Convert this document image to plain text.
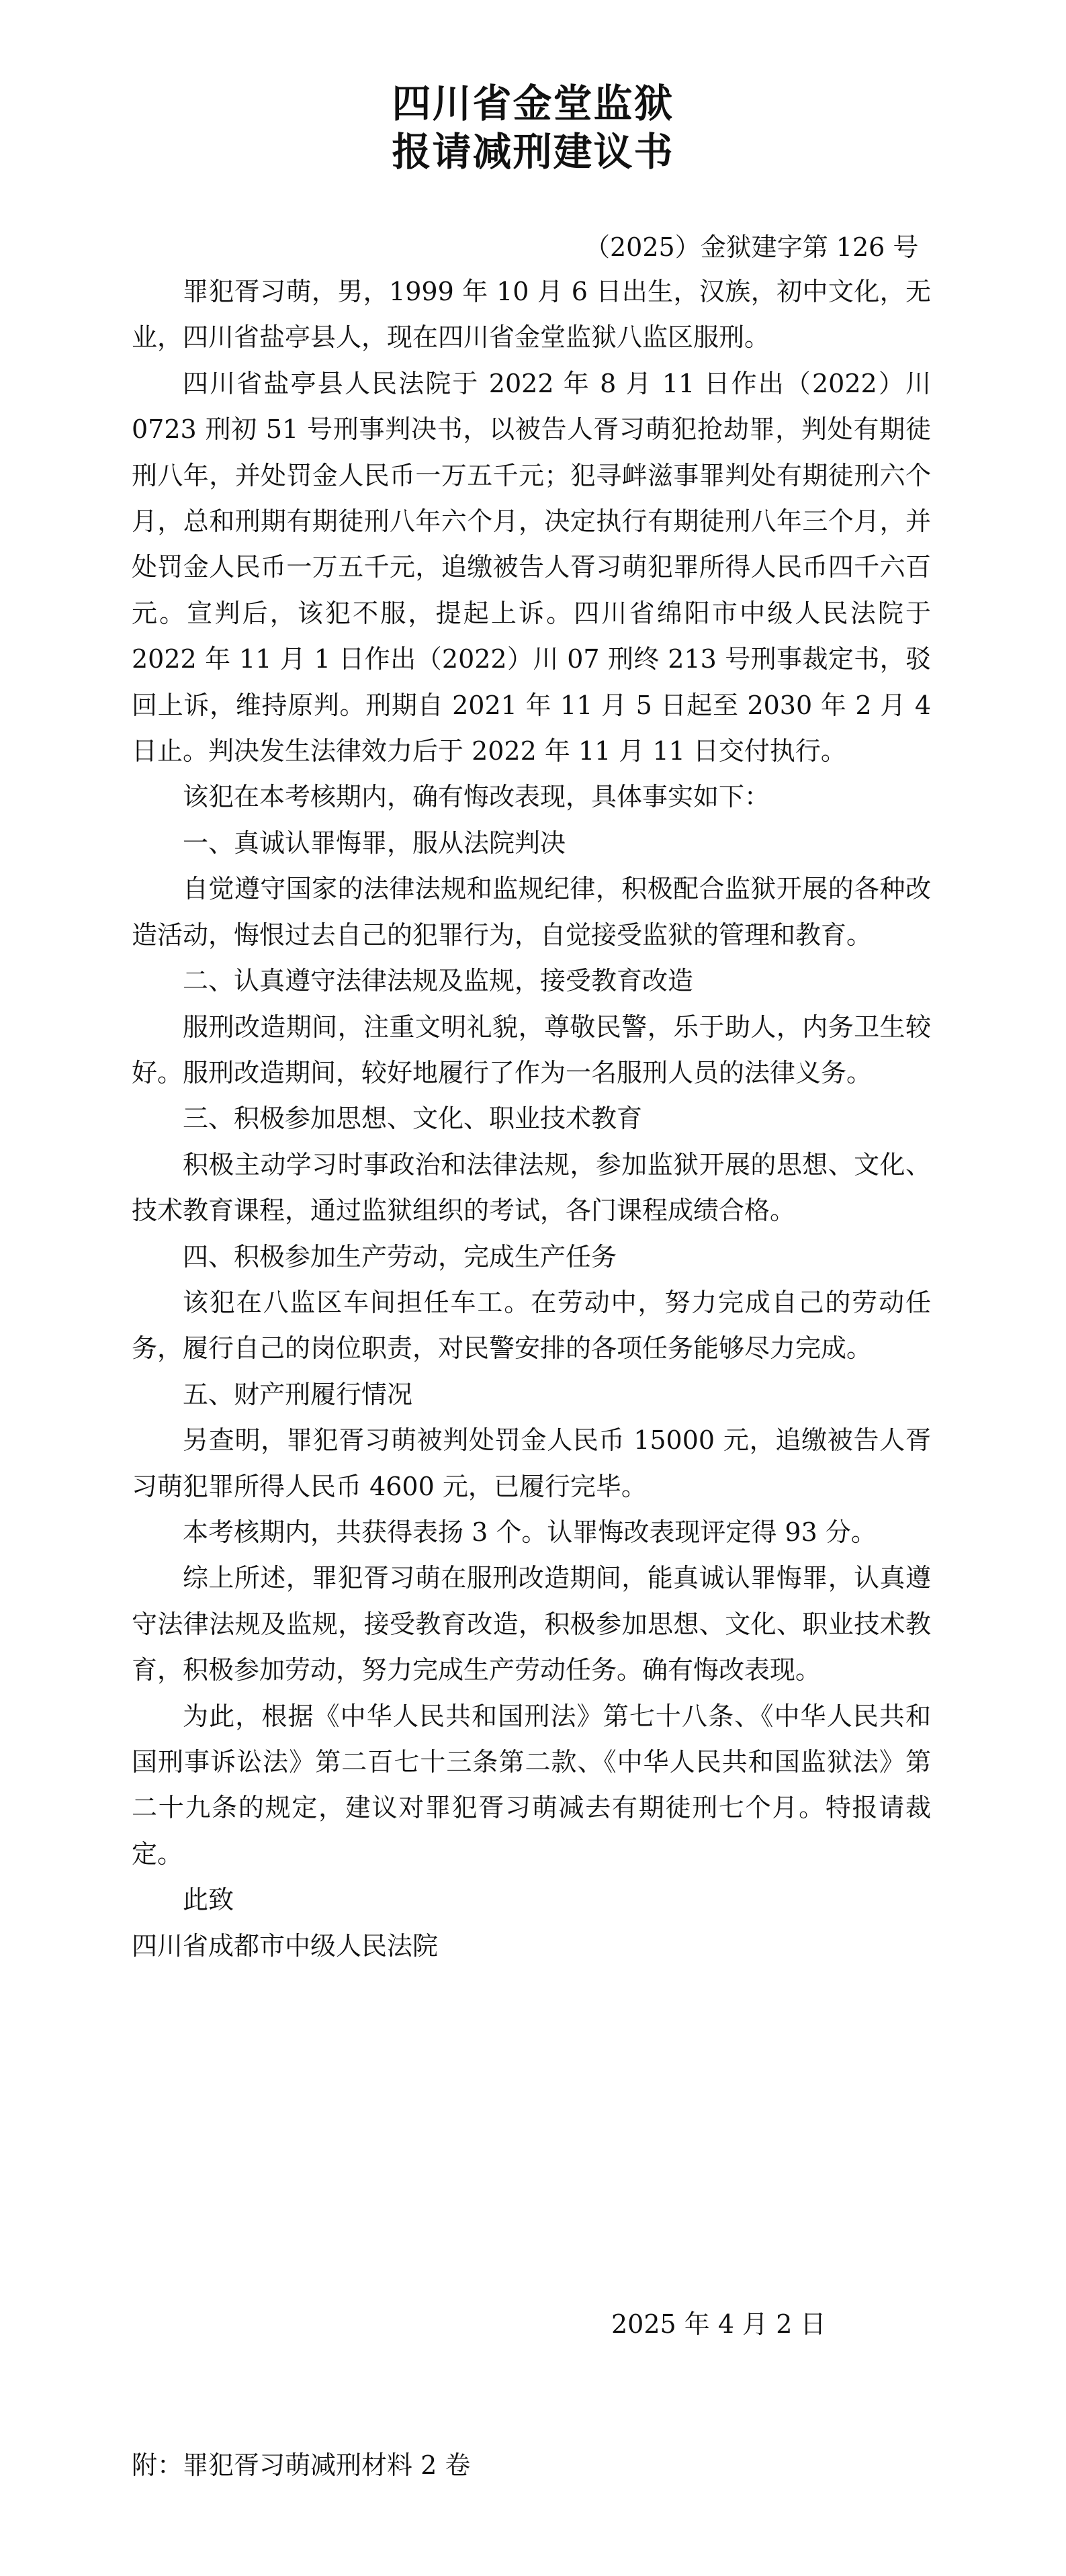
四川省金堂监狱
报请减刑建议书

（2025）金狱建字第 126 号

罪犯胥习萌，男，1999 年 10 月 6 日出生，汉族，初中文化，无业，四川省盐亭县人，现在四川省金堂监狱八监区服刑。

四川省盐亭县人民法院于 2022 年 8 月 11 日作出（2022）川 0723 刑初 51 号刑事判决书，以被告人胥习萌犯抢劫罪，判处有期徒刑八年，并处罚金人民币一万五千元；犯寻衅滋事罪判处有期徒刑六个月，总和刑期有期徒刑八年六个月，决定执行有期徒刑八年三个月，并处罚金人民币一万五千元，追缴被告人胥习萌犯罪所得人民币四千六百元。宣判后，该犯不服，提起上诉。四川省绵阳市中级人民法院于 2022 年 11 月 1 日作出（2022）川 07 刑终 213 号刑事裁定书，驳回上诉，维持原判。刑期自 2021 年 11 月 5 日起至 2030 年 2 月 4 日止。判决发生法律效力后于 2022 年 11 月 11 日交付执行。

该犯在本考核期内，确有悔改表现，具体事实如下：

一、真诚认罪悔罪，服从法院判决

自觉遵守国家的法律法规和监规纪律，积极配合监狱开展的各种改造活动，悔恨过去自己的犯罪行为，自觉接受监狱的管理和教育。

二、认真遵守法律法规及监规，接受教育改造

服刑改造期间，注重文明礼貌，尊敬民警，乐于助人，内务卫生较好。服刑改造期间，较好地履行了作为一名服刑人员的法律义务。

三、积极参加思想、文化、职业技术教育

积极主动学习时事政治和法律法规，参加监狱开展的思想、文化、技术教育课程，通过监狱组织的考试，各门课程成绩合格。

四、积极参加生产劳动，完成生产任务

该犯在八监区车间担任车工。在劳动中，努力完成自己的劳动任务，履行自己的岗位职责，对民警安排的各项任务能够尽力完成。

五、财产刑履行情况

另查明，罪犯胥习萌被判处罚金人民币 15000 元，追缴被告人胥习萌犯罪所得人民币 4600 元，已履行完毕。

本考核期内，共获得表扬 3 个。认罪悔改表现评定得 93 分。

综上所述，罪犯胥习萌在服刑改造期间，能真诚认罪悔罪，认真遵守法律法规及监规，接受教育改造，积极参加思想、文化、职业技术教育，积极参加劳动，努力完成生产劳动任务。确有悔改表现。

为此，根据《中华人民共和国刑法》第七十八条、《中华人民共和国刑事诉讼法》第二百七十三条第二款、《中华人民共和国监狱法》第二十九条的规定，建议对罪犯胥习萌减去有期徒刑七个月。特报请裁定。

此致

四川省成都市中级人民法院

2025 年 4 月 2 日

附：罪犯胥习萌减刑材料 2 卷
